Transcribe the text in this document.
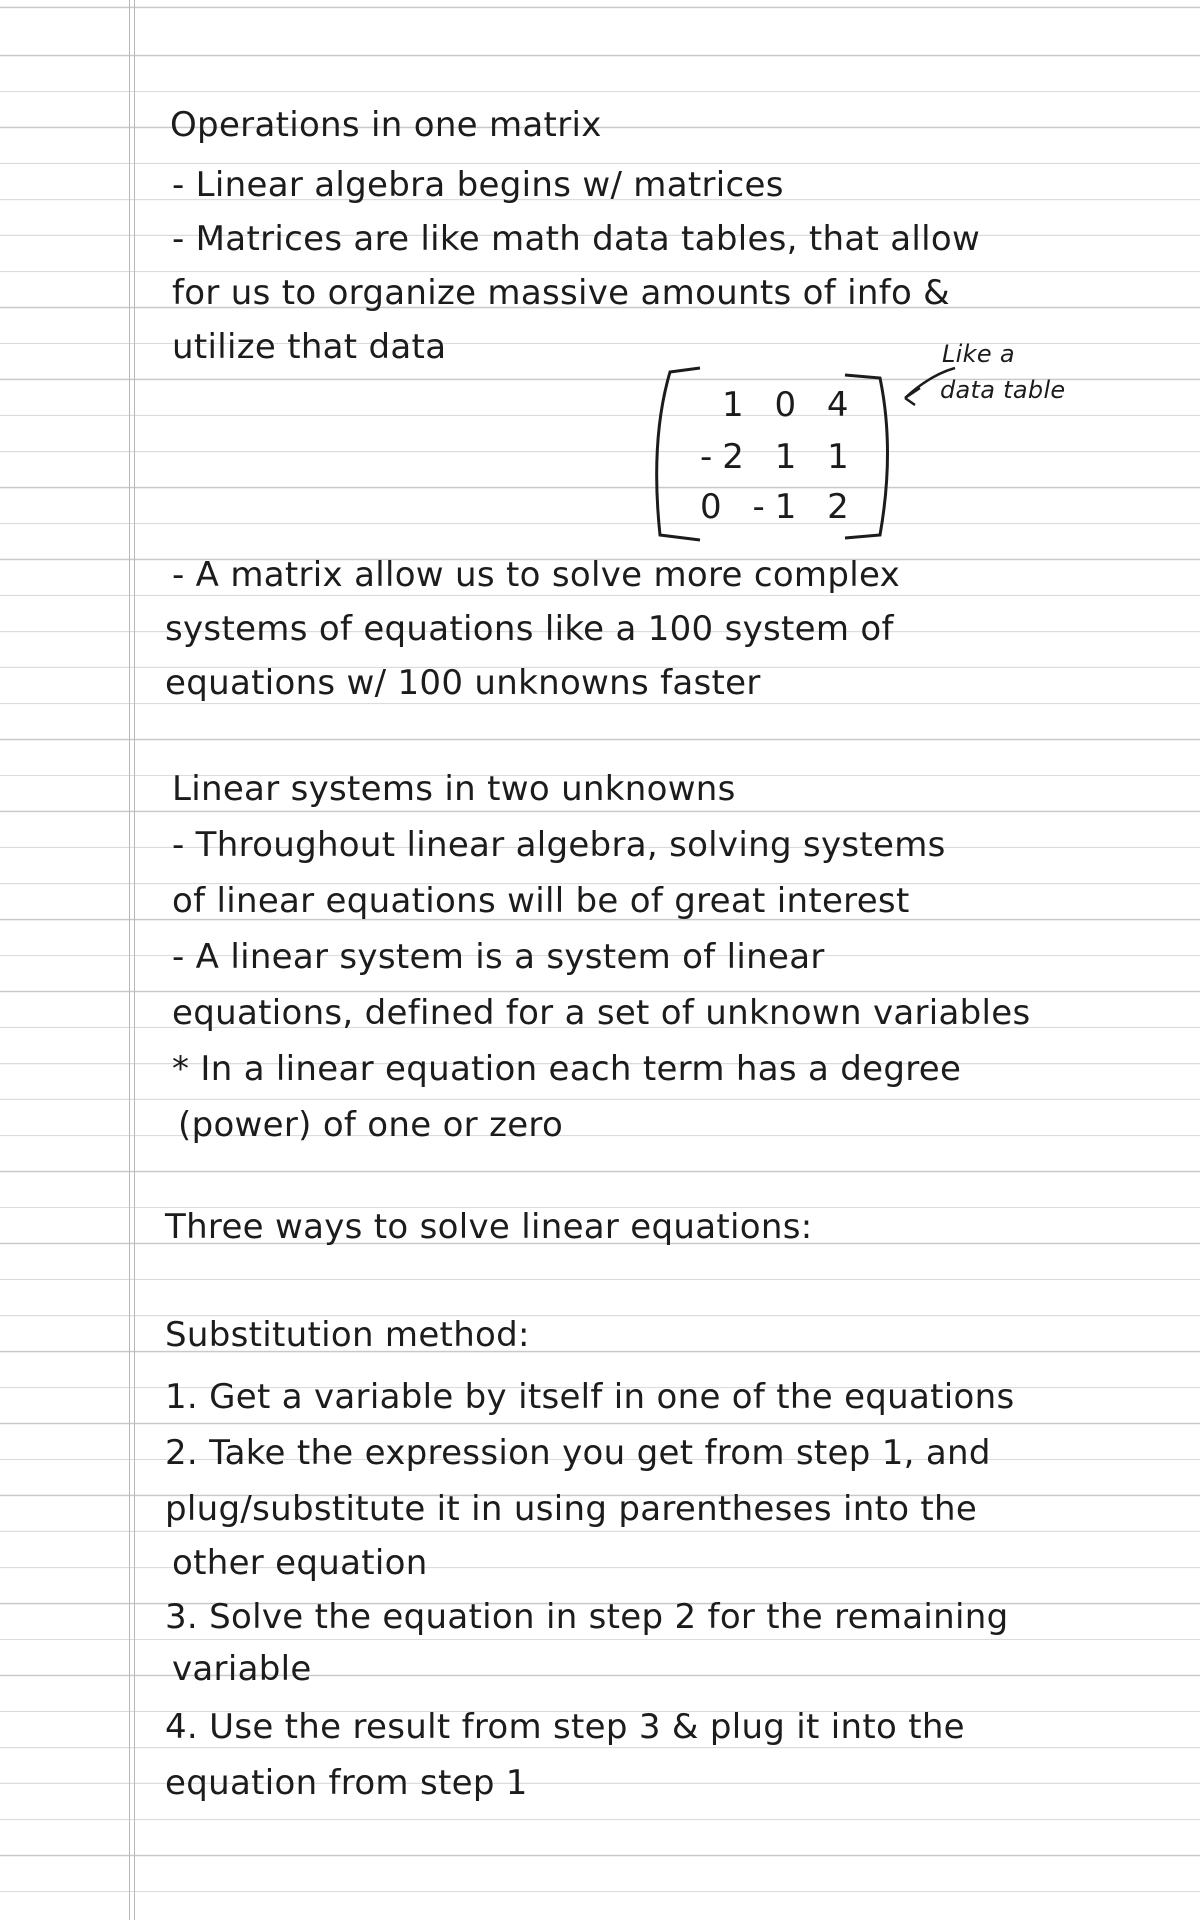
Operations in one matrix
- Linear algebra begins w/ matrices
- Matrices are like math data tables, that allow
for us to organize massive amounts of info &
utilize that data
1 0 4
-2 1 1
0 -1 2
Like a
data table
- A matrix allow us to solve more complex
systems of equations like a 100 system of
equations w/ 100 unknowns faster
Linear systems in two unknowns
- Throughout linear algebra, solving systems
of linear equations will be of great interest
- A linear system is a system of linear
equations, defined for a set of unknown variables
* In a linear equation each term has a degree
(power) of one or zero
Three ways to solve linear equations:
Substitution method:
1. Get a variable by itself in one of the equations
2. Take the expression you get from step 1, and
plug/substitute it in using parentheses into the
other equation
3. Solve the equation in step 2 for the remaining
variable
4. Use the result from step 3 & plug it into the
equation from step 1
